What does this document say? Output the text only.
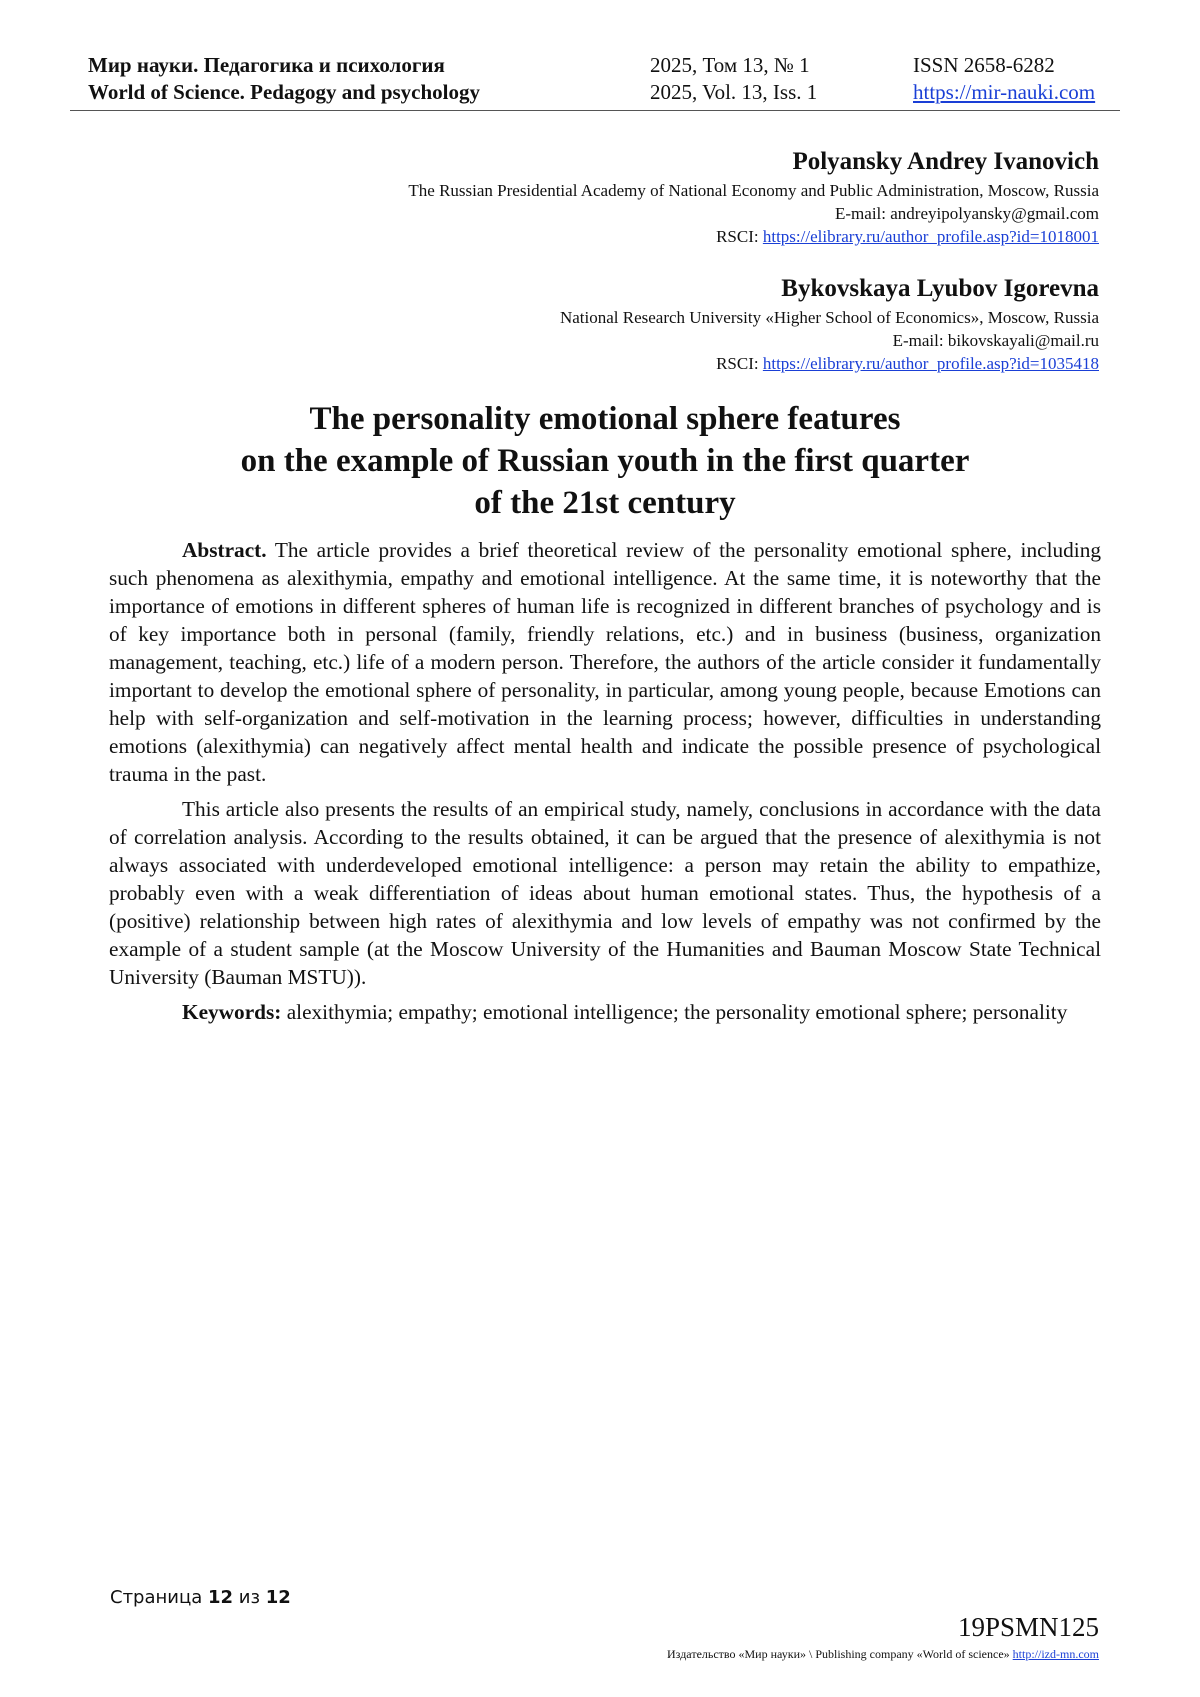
Мир науки. Педагогика и психология	2025, Том 13, № 1	ISSN 2658-6282
World of Science. Pedagogy and psychology	2025, Vol. 13, Iss. 1	https://mir-nauki.com
Polyansky Andrey Ivanovich
The Russian Presidential Academy of National Economy and Public Administration, Moscow, Russia
E-mail: andreyipolyansky@gmail.com
RSCI: https://elibrary.ru/author_profile.asp?id=1018001
Bykovskaya Lyubov Igorevna
National Research University «Higher School of Economics», Moscow, Russia
E-mail: bikovskayali@mail.ru
RSCI: https://elibrary.ru/author_profile.asp?id=1035418
The personality emotional sphere features
on the example of Russian youth in the first quarter
of the 21st century

Abstract. The article provides a brief theoretical review of the personality emotional sphere, including such phenomena as alexithymia, empathy and emotional intelligence. At the same time, it is noteworthy that the importance of emotions in different spheres of human life is recognized in different branches of psychology and is of key importance both in personal (family, friendly relations, etc.) and in business (business, organization management, teaching, etc.) life of a modern person. Therefore, the authors of the article consider it fundamentally important to develop the emotional sphere of personality, in particular, among young people, because Emotions can help with self-organization and self-motivation in the learning process; however, difficulties in understanding emotions (alexithymia) can negatively affect mental health and indicate the possible presence of psychological trauma in the past.

This article also presents the results of an empirical study, namely, conclusions in accordance with the data of correlation analysis. According to the results obtained, it can be argued that the presence of alexithymia is not always associated with underdeveloped emotional intelligence: a person may retain the ability to empathize, probably even with a weak differentiation of ideas about human emotional states. Thus, the hypothesis of a (positive) relationship between high rates of alexithymia and low levels of empathy was not confirmed by the example of a student sample (at the Moscow University of the Humanities and Bauman Moscow State Technical University (Bauman MSTU)).

Keywords: alexithymia; empathy; emotional intelligence; the personality emotional sphere; personality

Страница 12 из 12
19PSMN125
Издательство «Мир науки» \ Publishing company «World of science» http://izd-mn.com
